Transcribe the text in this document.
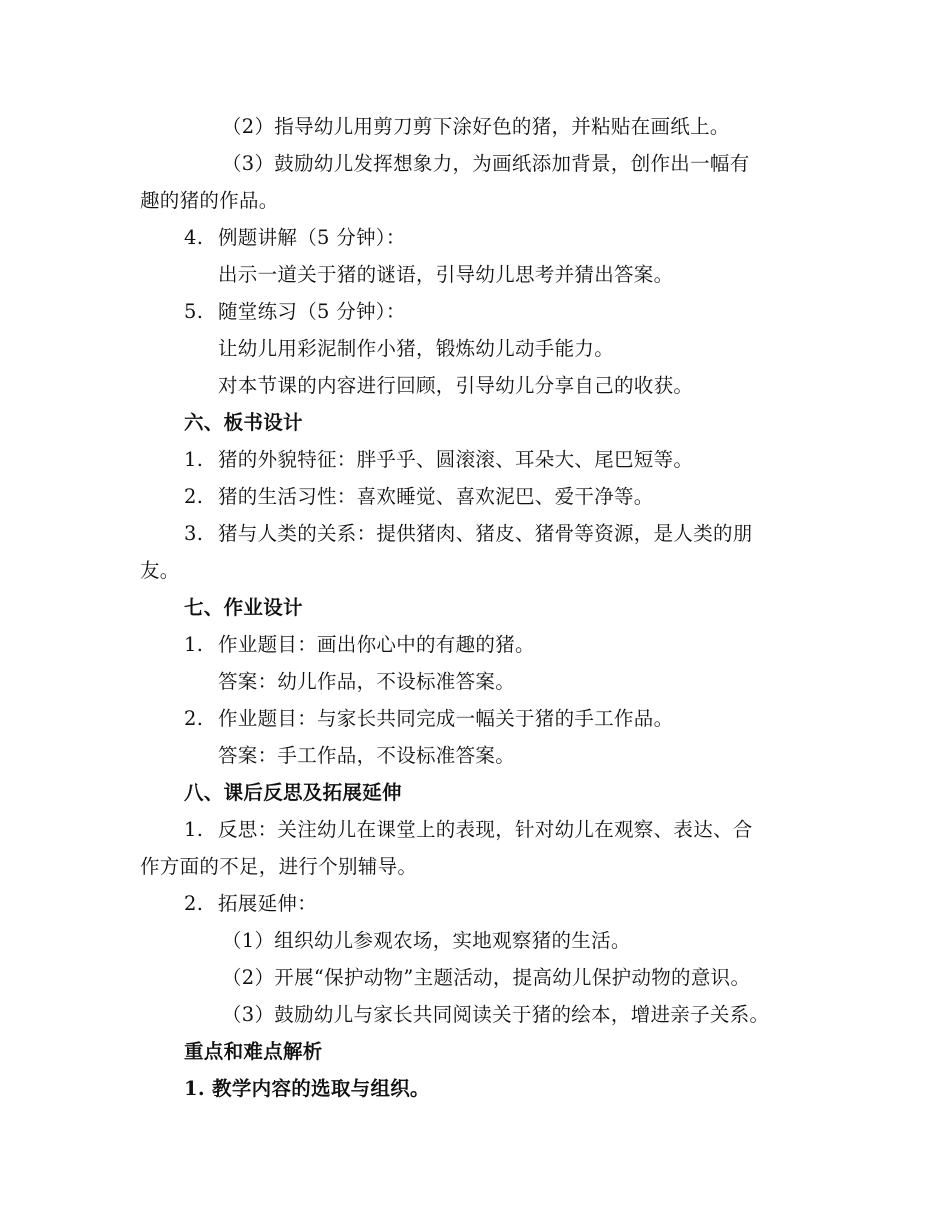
（2）指导幼儿用剪刀剪下涂好色的猪，并粘贴在画纸上。
（3）鼓励幼儿发挥想象力，为画纸添加背景，创作出一幅有
趣的猪的作品。
4. 例题讲解（5 分钟）：
出示一道关于猪的谜语，引导幼儿思考并猜出答案。
5. 随堂练习（5 分钟）：
让幼儿用彩泥制作小猪，锻炼幼儿动手能力。
对本节课的内容进行回顾，引导幼儿分享自己的收获。
六、板书设计
1. 猪的外貌特征：胖乎乎、圆滚滚、耳朵大、尾巴短等。
2. 猪的生活习性：喜欢睡觉、喜欢泥巴、爱干净等。
3. 猪与人类的关系：提供猪肉、猪皮、猪骨等资源，是人类的朋
友。
七、作业设计
1. 作业题目：画出你心中的有趣的猪。
答案：幼儿作品，不设标准答案。
2. 作业题目：与家长共同完成一幅关于猪的手工作品。
答案：手工作品，不设标准答案。
八、课后反思及拓展延伸
1. 反思：关注幼儿在课堂上的表现，针对幼儿在观察、表达、合
作方面的不足，进行个别辅导。
2. 拓展延伸：
（1）组织幼儿参观农场，实地观察猪的生活。
（2）开展“保护动物”主题活动，提高幼儿保护动物的意识。
（3）鼓励幼儿与家长共同阅读关于猪的绘本，增进亲子关系。
重点和难点解析
1. 教学内容的选取与组织。
